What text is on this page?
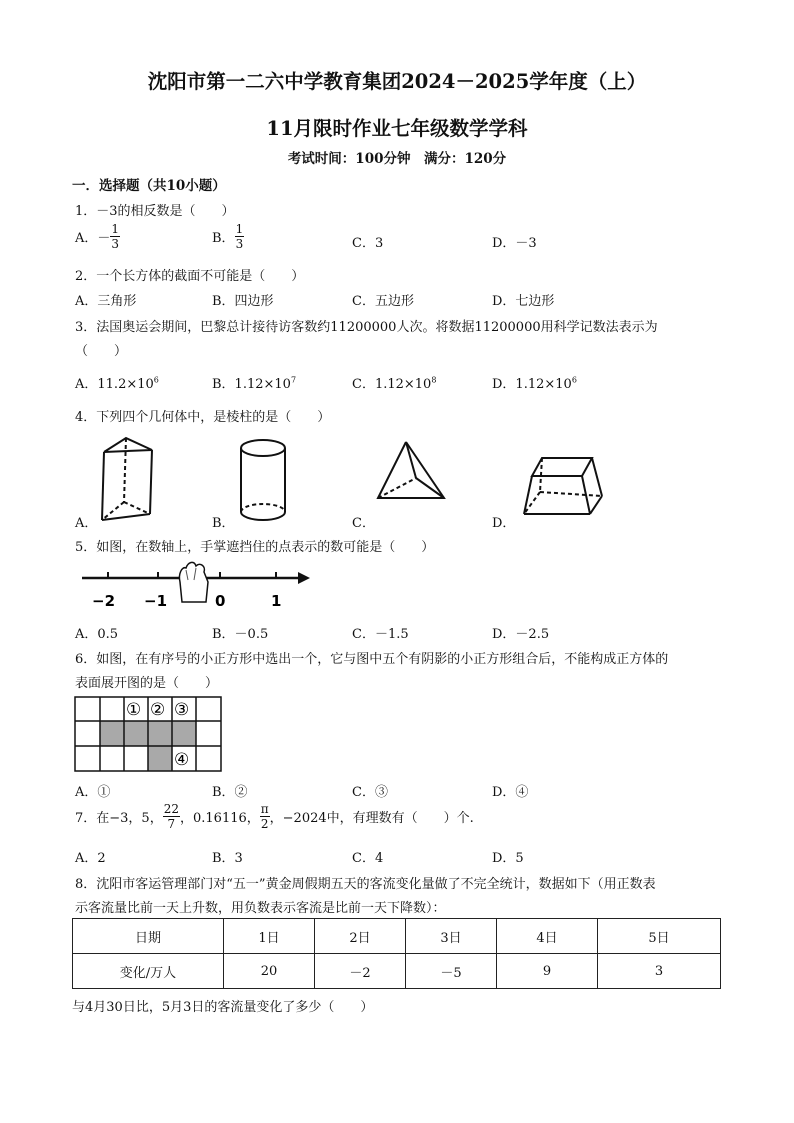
沈阳市第一二六中学教育集团2024－2025学年度（上）
11月限时作业七年级数学学科
考试时间：100分钟　满分：120分
一．选择题（共10小题）
1．－3的相反数是（　　）
A．－ $\frac{1}{3}$	B． $\frac{1}{3}$	C．3	D．－3
2．一个长方体的截面不可能是（　　）
A．三角形	B．四边形	C．五边形	D．七边形
3．法国奥运会期间，巴黎总计接待访客数约11200000人次。将数据11200000用科学记数法表示为
（　　）
A．$11.2\times 10^6$	B．$1.12\times 10^7$	C．$1.12\times 10^8$	D．$1.12\times 10^6$
4．下列四个几何体中，是棱柱的是（　　）
A．	B．	C．	D．
5．如图，在数轴上，手掌遮挡住的点表示的数可能是（　　）
−2 −1	0	1
A．0.5	B．－0.5	C．－1.5	D．－2.5
6．如图，在有序号的小正方形中选出一个，它与图中五个有阴影的小正方形组合后，不能构成正方体的
表面展开图的是（　　）
① ② ③
④
A．①	B．②	C．③	D．④
7．在−3，5， $\frac{22}{7}$ ，0.16116， $\frac{\pi}{2}$ ，−2024中，有理数有（　　）个.
A．2	B．3	C．4	D．5
8．沈阳市客运管理部门对“五一”黄金周假期五天的客流变化量做了不完全统计，数据如下（用正数表
示客流量比前一天上升数，用负数表示客流是比前一天下降数）：
日期	1日	2日	3日	4日	5日
变化/万人	20	－2	－5	9	3
与4月30日比，5月3日的客流量变化了多少（　　）
